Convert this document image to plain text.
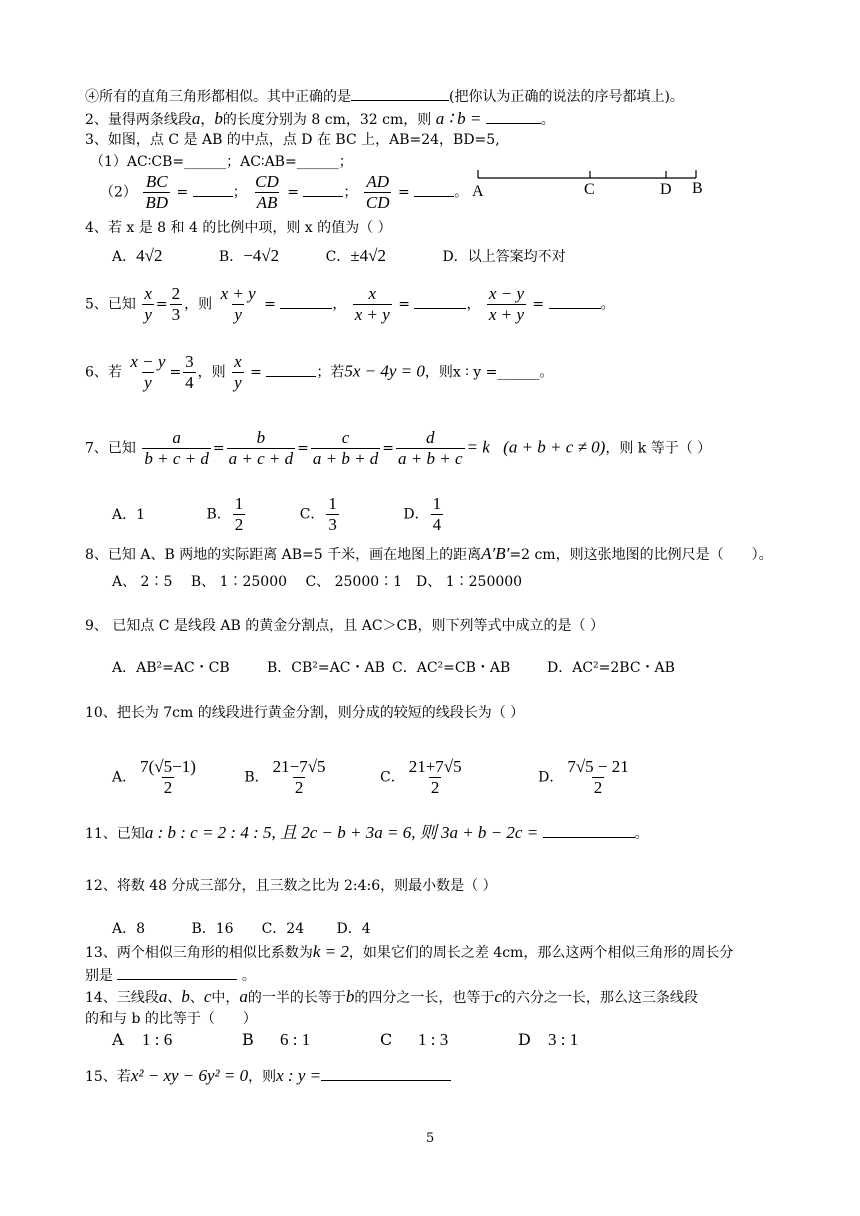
④所有的直角三角形都相似。其中正确的是	(把你认为正确的说法的序号都填上)。
2、量得两条线段a，b的长度分别为 8 cm，32 cm，则 a ∶ b =	。
3、如图，点 C 是 AB 的中点，点 D 在 BC 上，AB=24，BD=5,
（1）AC∶CB=______；AC∶AB=______；
$(2) \frac{BC}{BD}$ =	； $\frac{CD}{AB}$ =	； $\frac{AD}{CD}$ =	。 A	C	D B
4、若 x 是 8 和 4 的比例中项，则 x 的值为（ ）
A．4√2	B．−4√2	C．±4√2	D．以上答案均不对
5、已知 $\frac{x}{y} = \frac{2}{3}$ ，则 $\frac{x + y}{y}$ =	， $\frac{x}{x + y}$ =	， $\frac{x - y}{x + y}$ =	。
6、若 $\frac{x - y}{y} = \frac{3}{4}$ ，则 $\frac{x}{y}$ =	；若5x − 4y = 0，则x ∶ y =______。
7、已知 $\frac{a}{b + c + d} = \frac{b}{a + c + d} = \frac{c}{a + b + d} = \frac{d}{a + b + c} = k$ (a + b + c ≠ 0)，则 k 等于（ ）
A．1	B． $\frac{1}{2}$	C． $\frac{1}{3}$	D． $\frac{1}{4}$
8、已知 A、B 两地的实际距离 AB=5 千米，画在地图上的距离A′B′=2 cm，则这张地图的比例尺是（　　）。
A、 2∶5　 B、 1∶25000　 C、 25000∶1　D、 1∶250000
9、 已知点 C 是线段 AB 的黄金分割点，且 AC＞CB，则下列等式中成立的是（ ）
A．AB²=AC・CB	B．CB²=AC・AB C．AC²=CB・AB	D．AC²=2BC・AB
10、把长为 7cm 的线段进行黄金分割，则分成的较短的线段长为（ ）
A． $\frac{7(√5-1)}{2}$	B． $\frac{21-7√5}{2}$	C． $\frac{21+7√5}{2}$	D． $\frac{7√5 - 21}{2}$
11、已知a : b : c = 2 : 4 : 5, 且 2c − b + 3a = 6, 则 3a + b − 2c =	。
12、将数 48 分成三部分，且三数之比为 2:4:6，则最小数是（ ）
A．8　　　 B．16　　C．24　　 D．4
13、两个相似三角形的相似比系数为k = 2，如果它们的周长之差 4cm，那么这两个相似三角形的周长分
别是	。
14、三线段a、b、c中，a的一半的长等于b的四分之一长，也等于c的六分之一长，那么这三条线段
的和与 b 的比等于（　　）
A 1 : 6	B 6 : 1	C 1 : 3	D 3 : 1
15、若x² − xy − 6y² = 0，则x : y =
5
